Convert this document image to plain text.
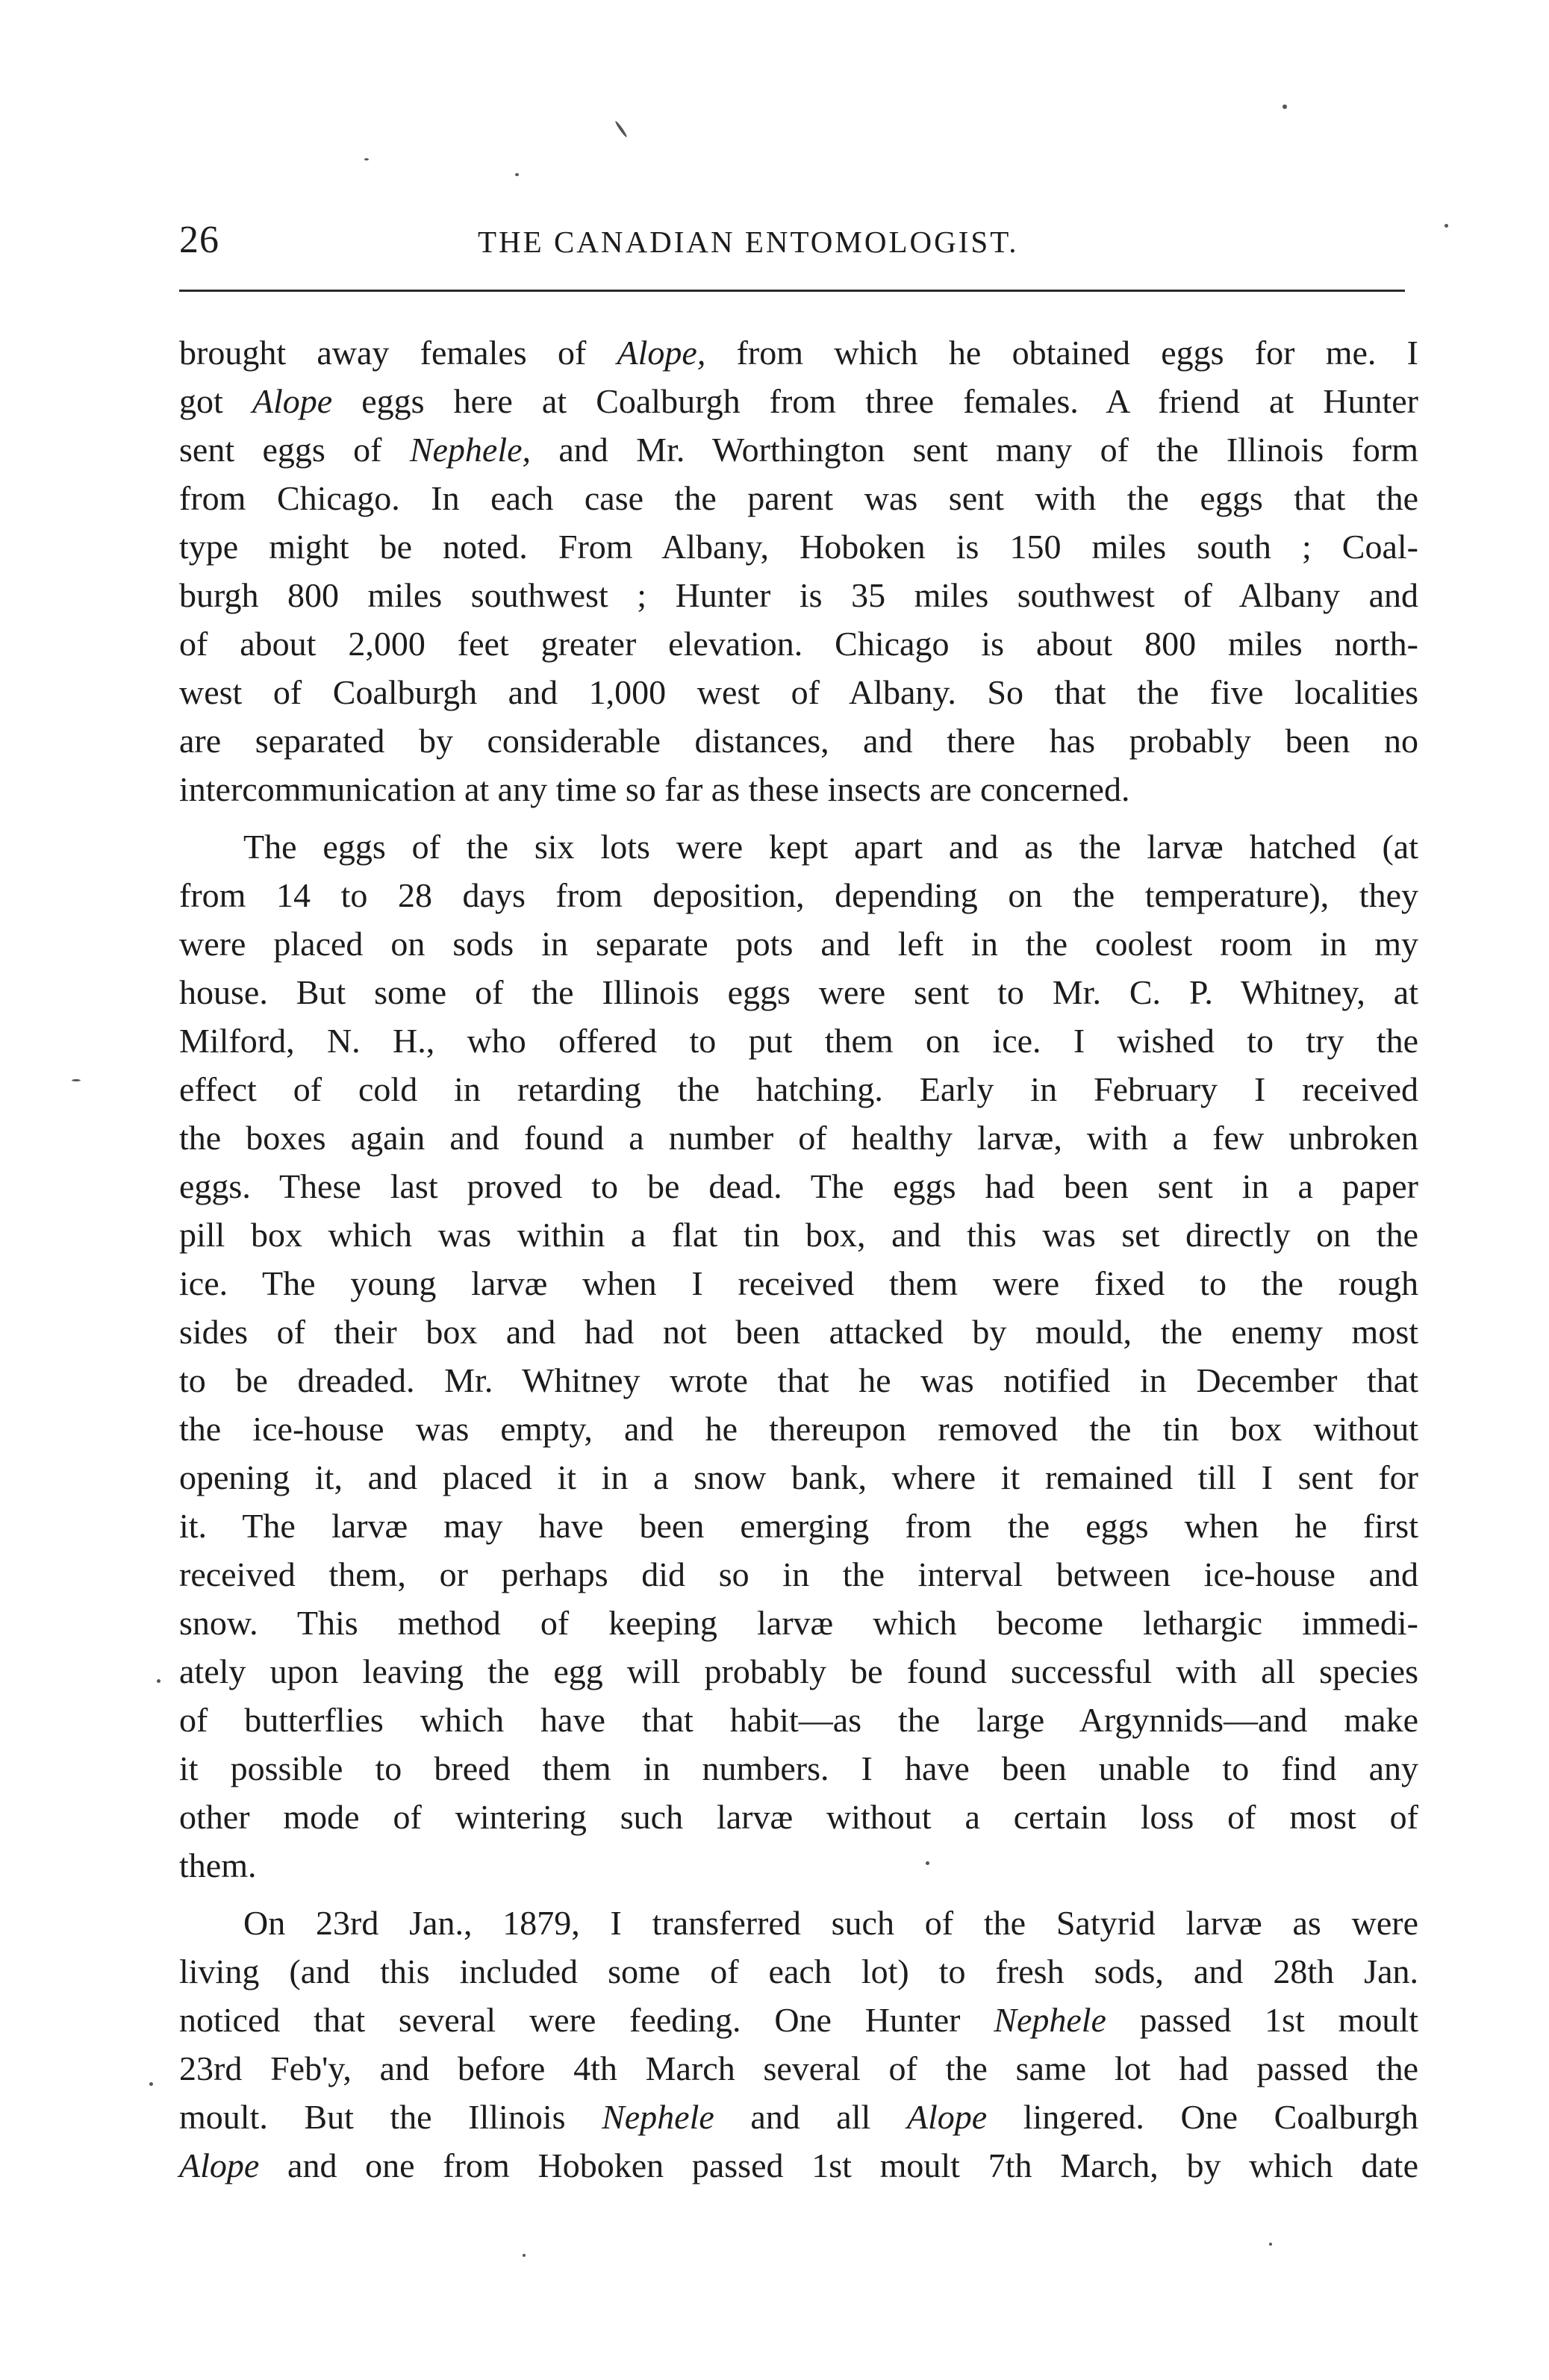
26	THE CANADIAN ENTOMOLOGIST.
brought away females of Alope, from which he obtained eggs for me. I
got Alope eggs here at Coalburgh from three females. A friend at Hunter
sent eggs of Nephele, and Mr. Worthington sent many of the Illinois form
from Chicago. In each case the parent was sent with the eggs that the
type might be noted. From Albany, Hoboken is 150 miles south ; Coal-
burgh 800 miles southwest ; Hunter is 35 miles southwest of Albany and
of about 2,000 feet greater elevation. Chicago is about 800 miles north-
west of Coalburgh and 1,000 west of Albany. So that the five localities
are separated by considerable distances, and there has probably been no
intercommunication at any time so far as these insects are concerned.
The eggs of the six lots were kept apart and as the larvæ hatched (at
from 14 to 28 days from deposition, depending on the temperature), they
were placed on sods in separate pots and left in the coolest room in my
house. But some of the Illinois eggs were sent to Mr. C. P. Whitney, at
Milford, N. H., who offered to put them on ice. I wished to try the
effect of cold in retarding the hatching. Early in February I received
the boxes again and found a number of healthy larvæ, with a few unbroken
eggs. These last proved to be dead. The eggs had been sent in a paper
pill box which was within a flat tin box, and this was set directly on the
ice. The young larvæ when I received them were fixed to the rough
sides of their box and had not been attacked by mould, the enemy most
to be dreaded. Mr. Whitney wrote that he was notified in December that
the ice-house was empty, and he thereupon removed the tin box without
opening it, and placed it in a snow bank, where it remained till I sent for
it. The larvæ may have been emerging from the eggs when he first
received them, or perhaps did so in the interval between ice-house and
snow. This method of keeping larvæ which become lethargic immedi-
ately upon leaving the egg will probably be found successful with all species
of butterflies which have that habit—as the large Argynnids—and make
it possible to breed them in numbers. I have been unable to find any
other mode of wintering such larvæ without a certain loss of most of
them.
On 23rd Jan., 1879, I transferred such of the Satyrid larvæ as were
living (and this included some of each lot) to fresh sods, and 28th Jan.
noticed that several were feeding. One Hunter Nephele passed 1st moult
23rd Feb'y, and before 4th March several of the same lot had passed the
moult. But the Illinois Nephele and all Alope lingered. One Coalburgh
Alope and one from Hoboken passed 1st moult 7th March, by which date
